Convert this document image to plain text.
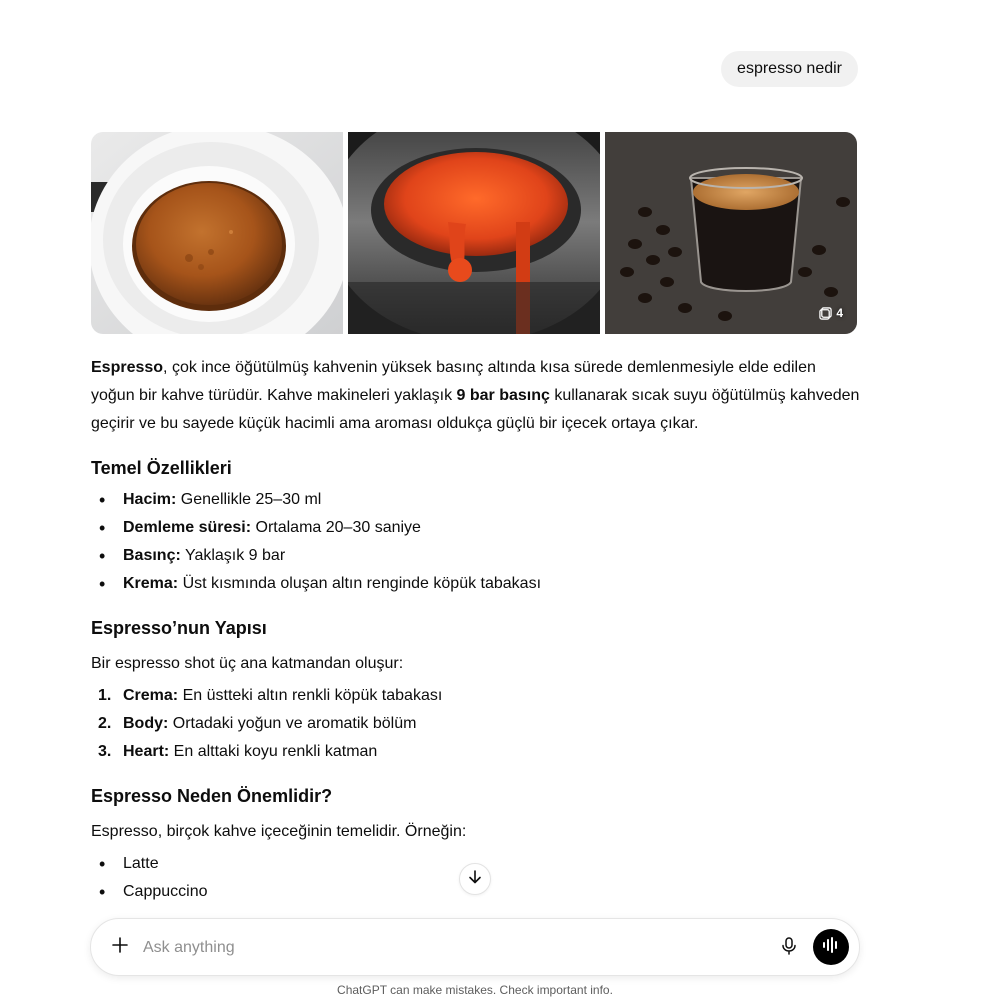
espresso nedir
4

Espresso, çok ince öğütülmüş kahvenin yüksek basınç altında kısa sürede demlenmesiyle elde edilen yoğun bir kahve türüdür. Kahve makineleri yaklaşık 9 bar basınç kullanarak sıcak suyu öğütülmüş kahveden geçirir ve bu sayede küçük hacimli ama aroması oldukça güçlü bir içecek ortaya çıkar.

Temel Özellikleri
• Hacim: Genellikle 25–30 ml
• Demleme süresi: Ortalama 20–30 saniye
• Basınç: Yaklaşık 9 bar
• Krema: Üst kısmında oluşan altın renginde köpük tabakası
Espresso’nun Yapısı

Bir espresso shot üç ana katmandan oluşur:

1. Crema: En üstteki altın renkli köpük tabakası
2. Body: Ortadaki yoğun ve aromatik bölüm
3. Heart: En alttaki koyu renkli katman
Espresso Neden Önemlidir?

Espresso, birçok kahve içeceğinin temelidir. Örneğin:

• Latte
• Cappuccino
•
Ask anything
ChatGPT can make mistakes. Check important info.
